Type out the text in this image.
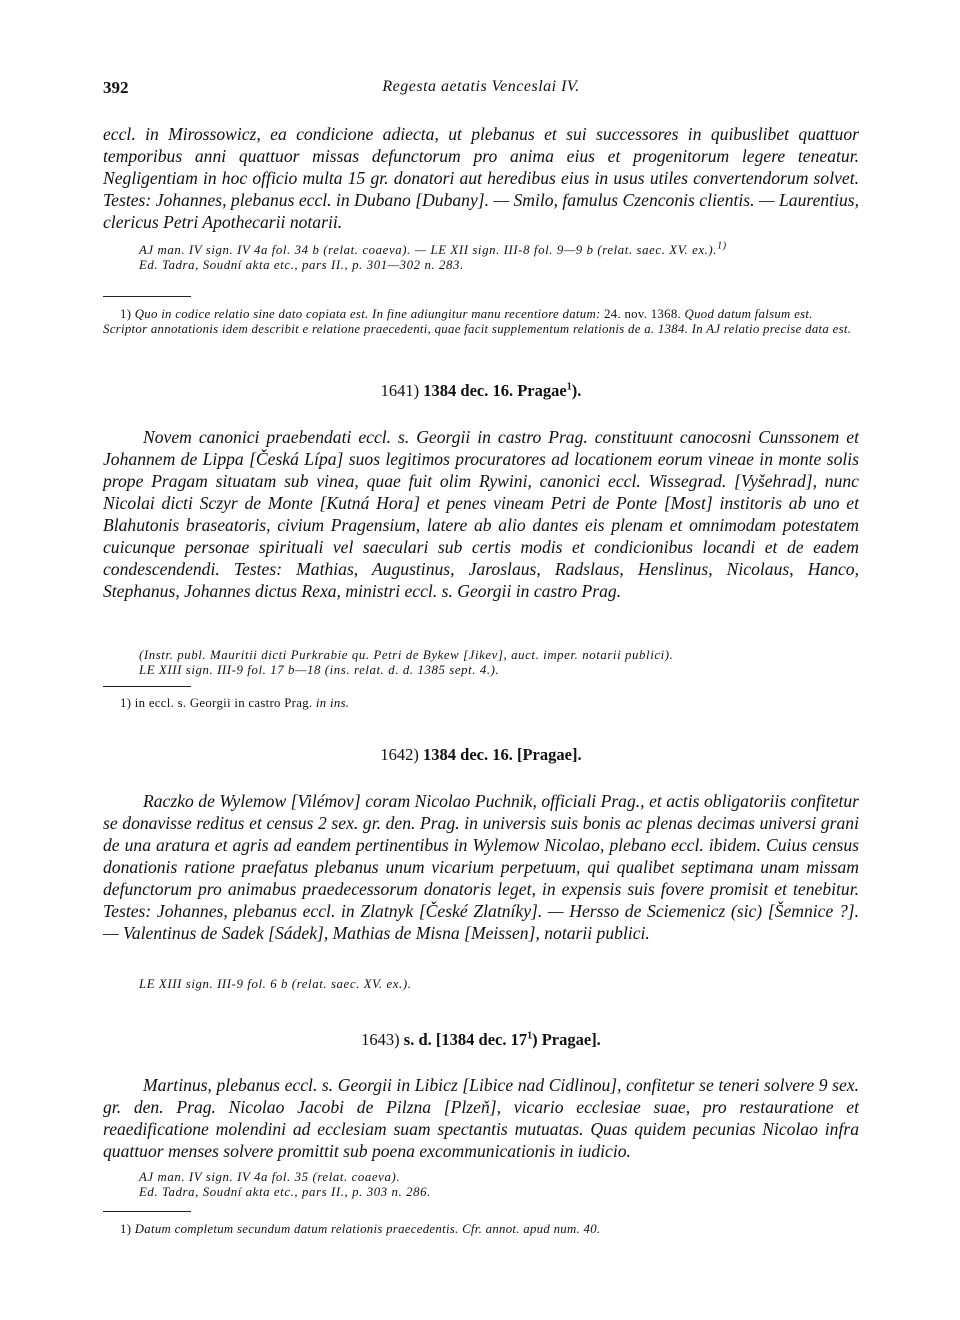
392	Regesta aetatis Venceslai IV.

eccl. in Mirossowicz, ea condicione adiecta, ut plebanus et sui successores in quibuslibet quattuor temporibus anni quattuor missas defunctorum pro anima eius et progenitorum legere teneatur. Negligentiam in hoc officio multa 15 gr. donatori aut heredibus eius in usus utiles convertendorum solvet. Testes: Johannes, plebanus eccl. in Dubano [Dubany]. — Smilo, famulus Czenconis clientis. — Laurentius, clericus Petri Apothecarii notarii.

AJ man. IV sign. IV 4a fol. 34 b (relat. coaeva). — LE XII sign. III-8 fol. 9—9 b (relat. saec. XV. ex.).$^{1)}$

Ed. Tadra, Soudní akta etc., pars II., p. 301—302 n. 283.

1) Quo in codice relatio sine dato copiata est. In fine adiungitur manu recentiore datum: 24. nov. 1368. Quod datum falsum est. Scriptor annotationis idem describit e relatione praecedenti, quae facit supplementum relationis de a. 1384. In AJ relatio precise data est.

1641) 1384 dec. 16. Pragae$^1$).

Novem canonici praebendati eccl. s. Georgii in castro Prag. constituunt canocosni Cunssonem et Johannem de Lippa [Česká Lípa] suos legitimos procuratores ad locationem eorum vineae in monte solis prope Pragam situatam sub vinea, quae fuit olim Rywini, canonici eccl. Wissegrad. [Vyšehrad], nunc Nicolai dicti Sczyr de Monte [Kutná Hora] et penes vineam Petri de Ponte [Most] institoris ab uno et Blahutonis braseatoris, civium Pragensium, latere ab alio dantes eis plenam et omnimodam potestatem cuicunque personae spirituali vel saeculari sub certis modis et condicionibus locandi et de eadem condescendendi. Testes: Mathias, Augustinus, Jaroslaus, Radslaus, Henslinus, Nicolaus, Hanco, Stephanus, Johannes dictus Rexa, ministri eccl. s. Georgii in castro Prag.

(Instr. publ. Mauritii dicti Purkrabie qu. Petri de Bykew [Jikev], auct. imper. notarii publici).

LE XIII sign. III-9 fol. 17 b—18 (ins. relat. d. d. 1385 sept. 4.).

1) in eccl. s. Georgii in castro Prag. in ins.

1642) 1384 dec. 16. [Pragae].

Raczko de Wylemow [Vilémov] coram Nicolao Puchnik, officiali Prag., et actis obligatoriis confitetur se donavisse reditus et census 2 sex. gr. den. Prag. in universis suis bonis ac plenas decimas universi grani de una aratura et agris ad eandem pertinentibus in Wylemow Nicolao, plebano eccl. ibidem. Cuius census donationis ratione praefatus plebanus unum vicarium perpetuum, qui qualibet septimana unam missam defunctorum pro animabus praedecessorum donatoris leget, in expensis suis fovere promisit et tenebitur. Testes: Johannes, plebanus eccl. in Zlatnyk [České Zlatníky]. — Hersso de Sciemenicz (sic) [Šemnice ?]. — Valentinus de Sadek [Sádek], Mathias de Misna [Meissen], notarii publici.

LE XIII sign. III-9 fol. 6 b (relat. saec. XV. ex.).

1643) s. d. [1384 dec. $17^1$) Pragae].

Martinus, plebanus eccl. s. Georgii in Libicz [Libice nad Cidlinou], confitetur se teneri solvere 9 sex. gr. den. Prag. Nicolao Jacobi de Pilzna [Plzeň], vicario ecclesiae suae, pro restauratione et reaedificatione molendini ad ecclesiam suam spectantis mutuatas. Quas quidem pecunias Nicolao infra quattuor menses solvere promittit sub poena excommunicationis in iudicio.

AJ man. IV sign. IV 4a fol. 35 (relat. coaeva).

Ed. Tadra, Soudní akta etc., pars II., p. 303 n. 286.

1) Datum completum secundum datum relationis praecedentis. Cfr. annot. apud num. 40.
